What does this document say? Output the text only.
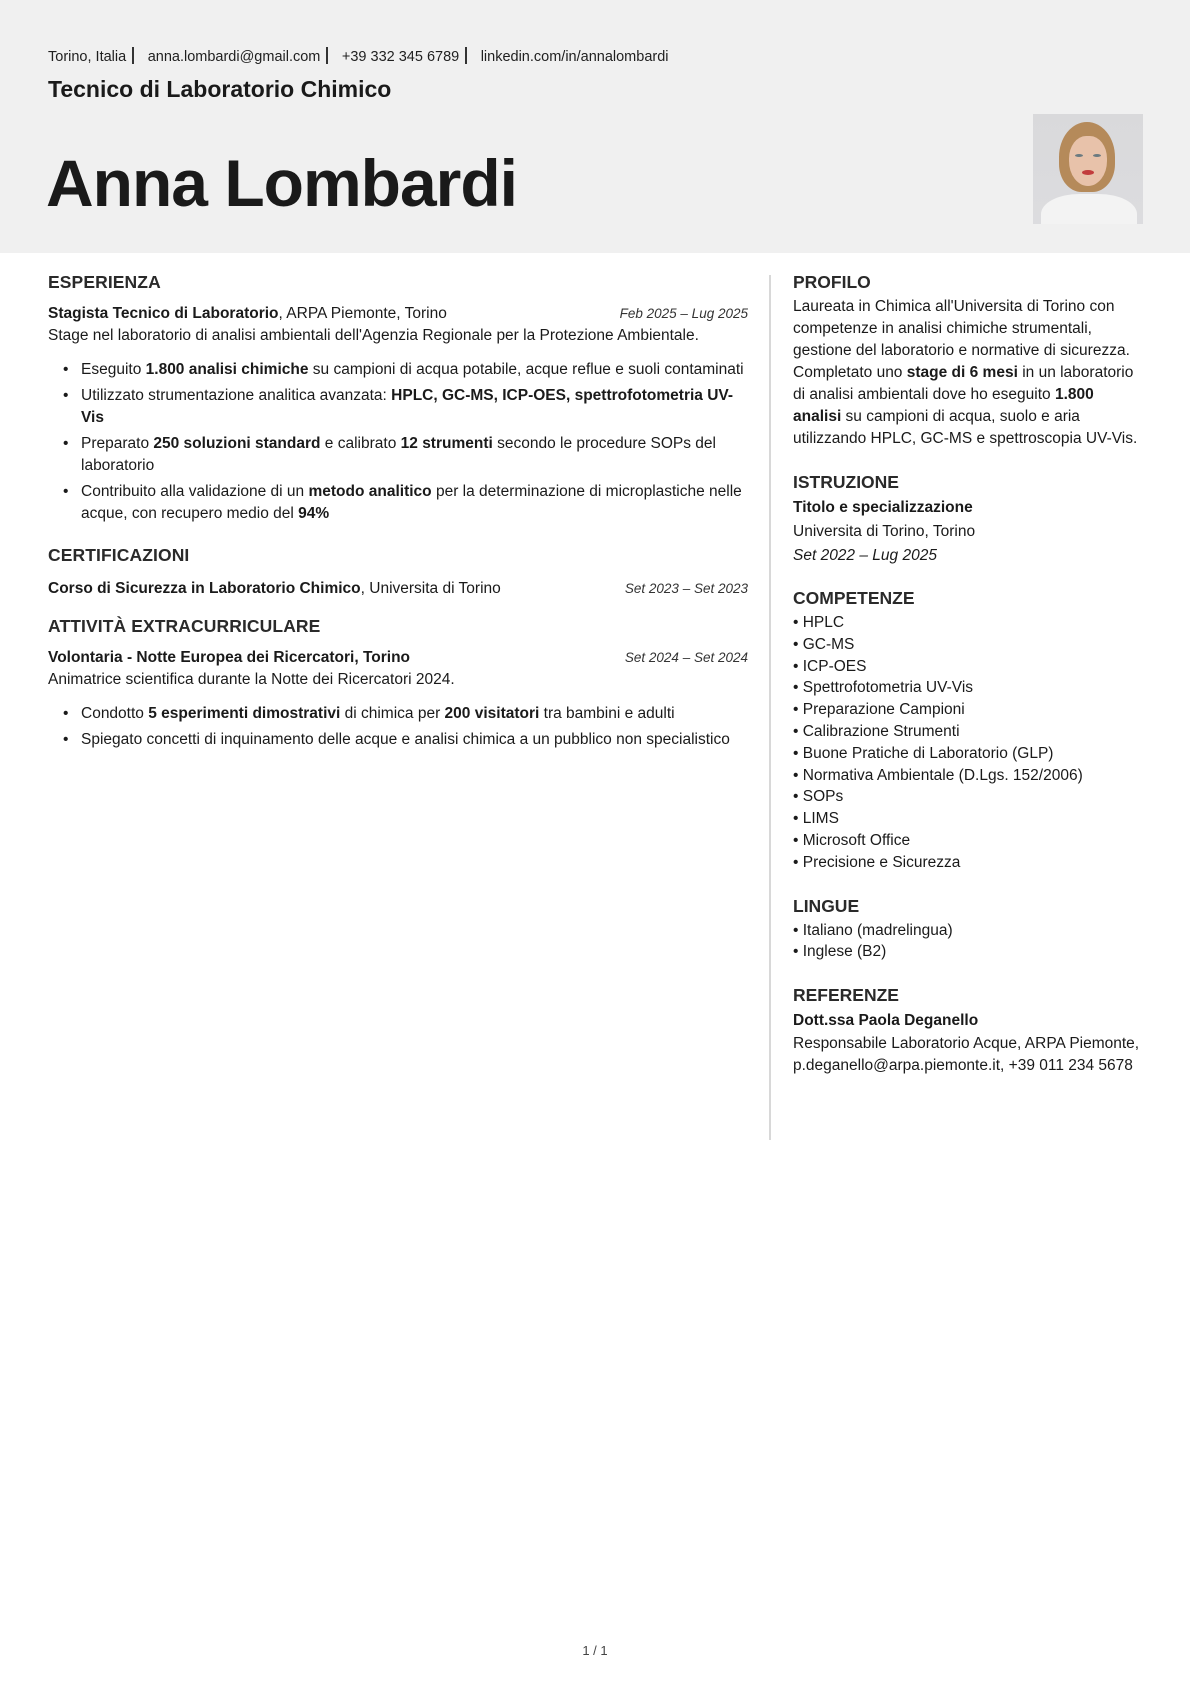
Torino, Italia anna.lombardi@gmail.com +39 332 345 6789 linkedin.com/in/annalombardi
Tecnico di Laboratorio Chimico
Anna Lombardi
ESPERIENZA
Stagista Tecnico di Laboratorio, ARPA Piemonte, Torino	Feb 2025 – Lug 2025
Stage nel laboratorio di analisi ambientali dell'Agenzia Regionale per la Protezione Ambientale.
• Eseguito 1.800 analisi chimiche su campioni di acqua potabile, acque reflue e suoli contaminati
• Utilizzato strumentazione analitica avanzata: HPLC, GC-MS, ICP-OES, spettrofotometria UV-Vis
• Preparato 250 soluzioni standard e calibrato 12 strumenti secondo le procedure SOPs del laboratorio
• Contribuito alla validazione di un metodo analitico per la determinazione di microplastiche nelle acque, con recupero medio del 94%
CERTIFICAZIONI
Corso di Sicurezza in Laboratorio Chimico, Universita di Torino	Set 2023 – Set 2023
ATTIVITÀ EXTRACURRICULARE
Volontaria - Notte Europea dei Ricercatori, Torino	Set 2024 – Set 2024
Animatrice scientifica durante la Notte dei Ricercatori 2024.
• Condotto 5 esperimenti dimostrativi di chimica per 200 visitatori tra bambini e adulti
• Spiegato concetti di inquinamento delle acque e analisi chimica a un pubblico non specialistico
PROFILO
Laureata in Chimica all'Universita di Torino con competenze in analisi chimiche strumentali, gestione del laboratorio e normative di sicurezza. Completato uno stage di 6 mesi in un laboratorio di analisi ambientali dove ho eseguito 1.800 analisi su campioni di acqua, suolo e aria utilizzando HPLC, GC-MS e spettroscopia UV-Vis.
ISTRUZIONE
Titolo e specializzazione
Universita di Torino, Torino
Set 2022 – Lug 2025
COMPETENZE
• HPLC
• GC-MS
• ICP-OES
• Spettrofotometria UV-Vis
• Preparazione Campioni
• Calibrazione Strumenti
• Buone Pratiche di Laboratorio (GLP)
• Normativa Ambientale (D.Lgs. 152/2006)
• SOPs
• LIMS
• Microsoft Office
• Precisione e Sicurezza
LINGUE
• Italiano (madrelingua)
• Inglese (B2)
REFERENZE
Dott.ssa Paola Deganello
Responsabile Laboratorio Acque, ARPA Piemonte, p.deganello@arpa.piemonte.it, +39 011 234 5678
1 / 1
